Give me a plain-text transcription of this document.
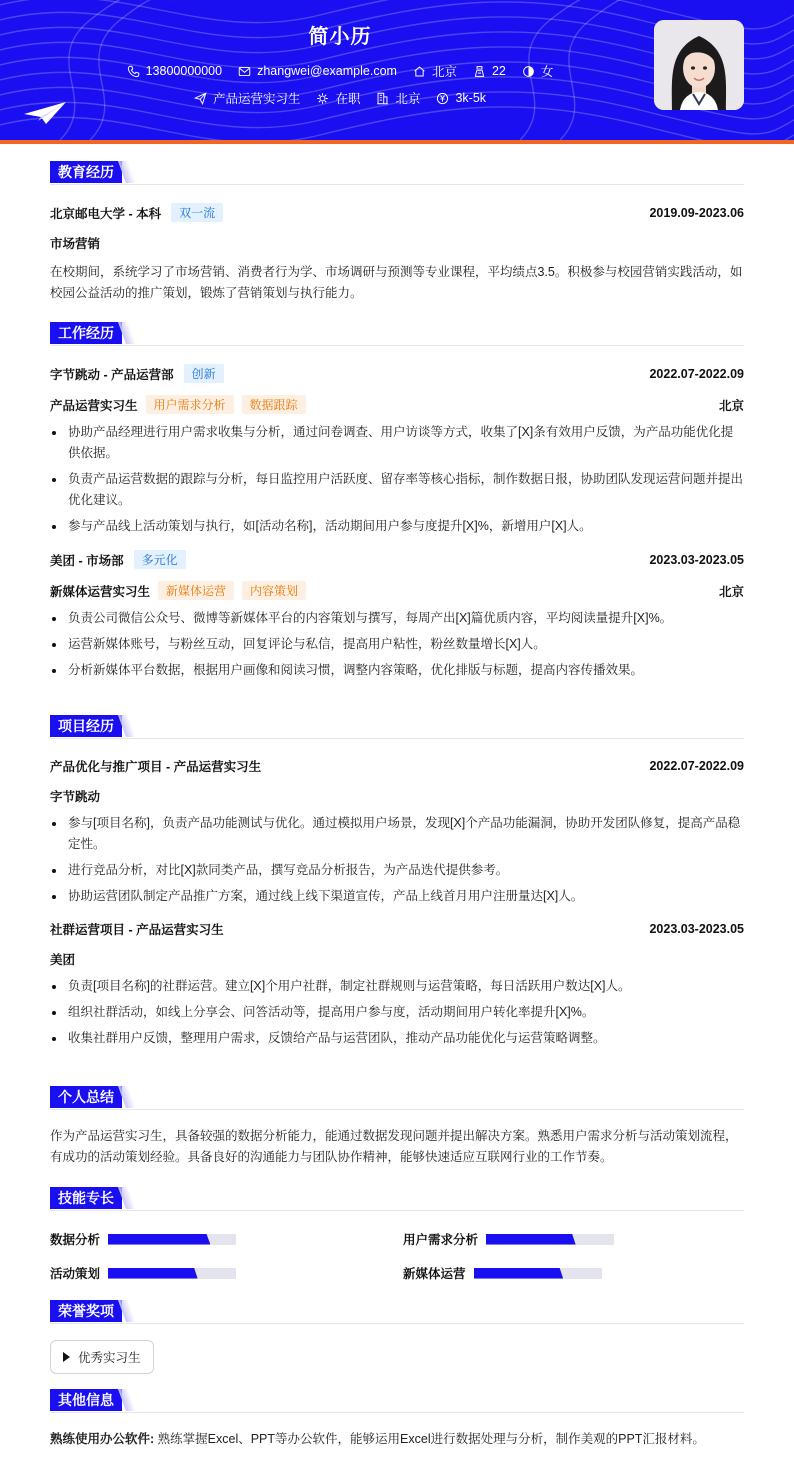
简小历
13800000000	zhangwei@example.com	北京	22	女
产品运营实习生	在职	北京	3k-5k
教育经历
北京邮电大学 - 本科	双一流	2019.09-2023.06
市场营销

在校期间，系统学习了市场营销、消费者行为学、市场调研与预测等专业课程，平均绩点3.5。积极参与校园营销实践活动，如校园公益活动的推广策划，锻炼了营销策划与执行能力。

工作经历
字节跳动 - 产品运营部	创新	2022.07-2022.09
产品运营实习生	用户需求分析	数据跟踪	北京
协助产品经理进行用户需求收集与分析，通过问卷调查、用户访谈等方式，收集了[X]条有效用户反馈，为产品功能优化提供依据。
负责产品运营数据的跟踪与分析，每日监控用户活跃度、留存率等核心指标，制作数据日报，协助团队发现运营问题并提出优化建议。
参与产品线上活动策划与执行，如[活动名称]，活动期间用户参与度提升[X]%，新增用户[X]人。
美团 - 市场部	多元化	2023.03-2023.05
新媒体运营实习生	新媒体运营	内容策划	北京
负责公司微信公众号、微博等新媒体平台的内容策划与撰写，每周产出[X]篇优质内容，平均阅读量提升[X]%。
运营新媒体账号，与粉丝互动，回复评论与私信，提高用户粘性，粉丝数量增长[X]人。
分析新媒体平台数据，根据用户画像和阅读习惯，调整内容策略，优化排版与标题，提高内容传播效果。
项目经历
产品优化与推广项目 - 产品运营实习生	2022.07-2022.09
字节跳动
参与[项目名称]，负责产品功能测试与优化。通过模拟用户场景，发现[X]个产品功能漏洞，协助开发团队修复，提高产品稳定性。
进行竞品分析，对比[X]款同类产品，撰写竞品分析报告，为产品迭代提供参考。
协助运营团队制定产品推广方案，通过线上线下渠道宣传，产品上线首月用户注册量达[X]人。
社群运营项目 - 产品运营实习生	2023.03-2023.05
美团
负责[项目名称]的社群运营。建立[X]个用户社群，制定社群规则与运营策略，每日活跃用户数达[X]人。
组织社群活动，如线上分享会、问答活动等，提高用户参与度，活动期间用户转化率提升[X]%。
收集社群用户反馈，整理用户需求，反馈给产品与运营团队，推动产品功能优化与运营策略调整。
个人总结

作为产品运营实习生，具备较强的数据分析能力，能通过数据发现问题并提出解决方案。熟悉用户需求分析与活动策划流程，有成功的活动策划经验。具备良好的沟通能力与团队协作精神，能够快速适应互联网行业的工作节奏。

技能专长
数据分析	用户需求分析
活动策划	新媒体运营
荣誉奖项
优秀实习生
其他信息

熟练使用办公软件: 熟练掌握Excel、PPT等办公软件，能够运用Excel进行数据处理与分析，制作美观的PPT汇报材料。
